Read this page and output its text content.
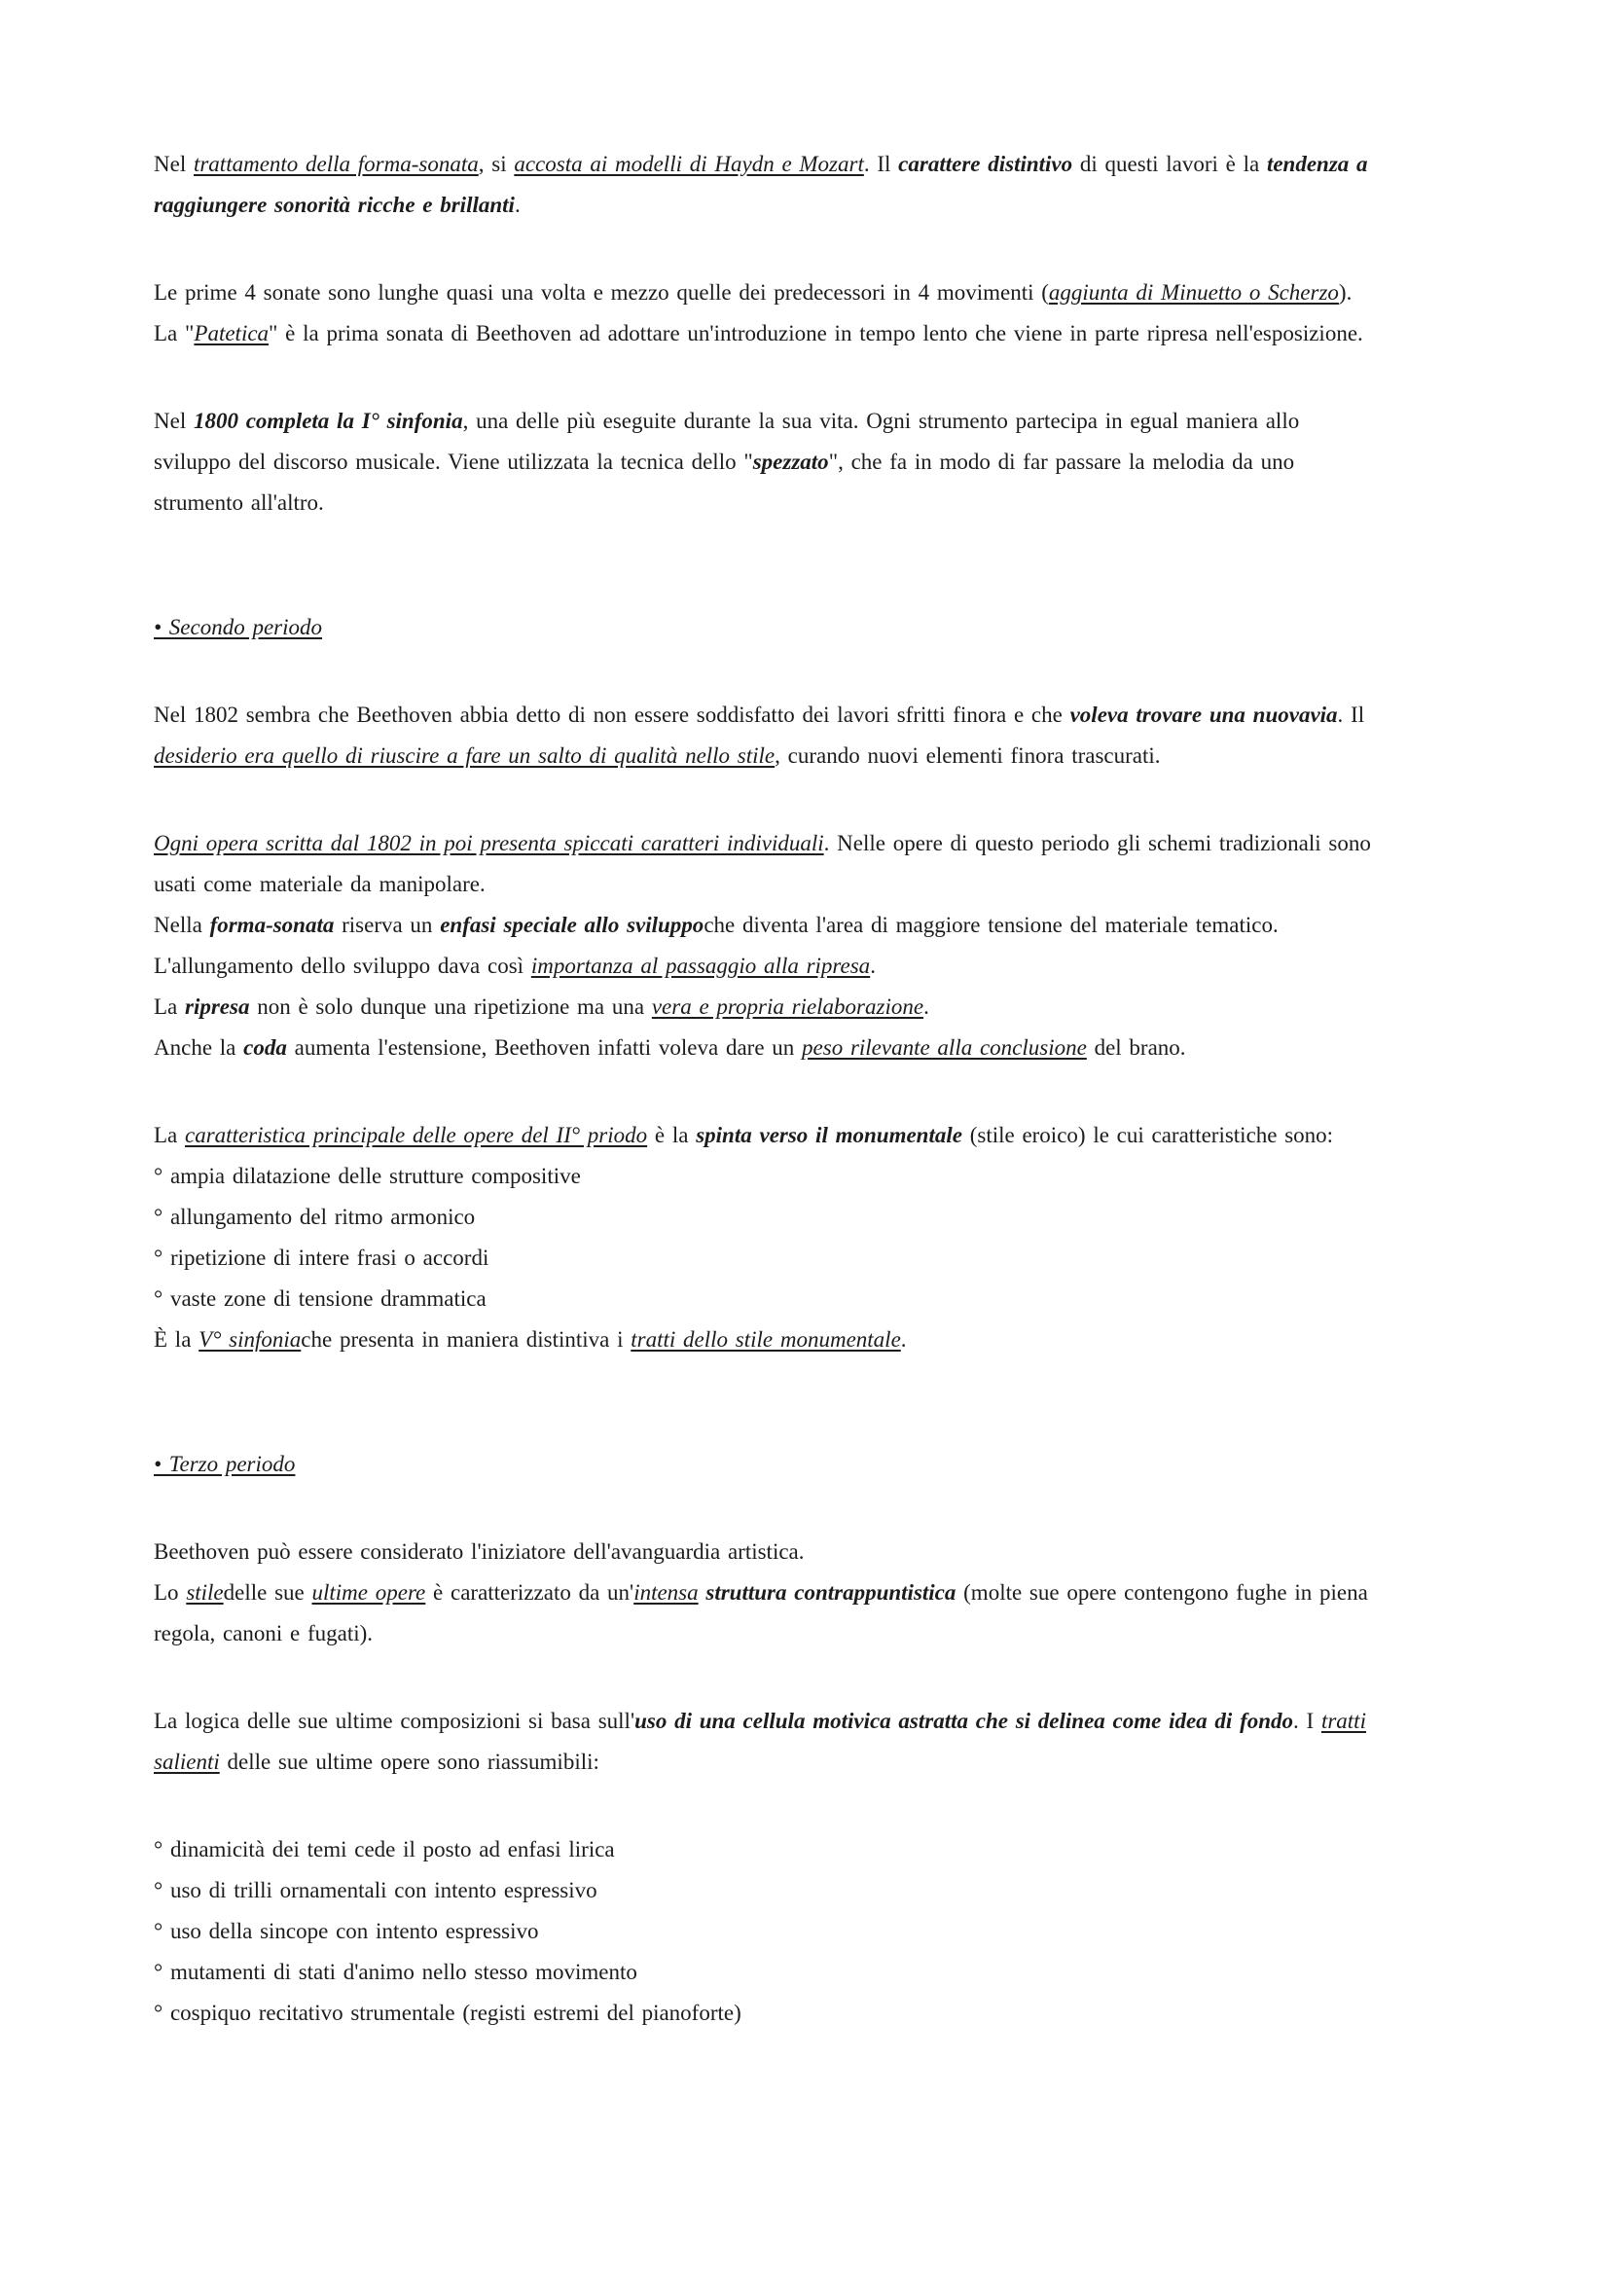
Nel trattamento della forma-sonata, si accosta ai modelli di Haydn e Mozart. Il carattere distintivo di questi lavori è la tendenza a raggiungere sonorità ricche e brillanti.

Le prime 4 sonate sono lunghe quasi una volta e mezzo quelle dei predecessori in 4 movimenti (aggiunta di Minuetto o Scherzo). La "Patetica" è la prima sonata di Beethoven ad adottare un'introduzione in tempo lento che viene in parte ripresa nell'esposizione.

Nel 1800 completa la I° sinfonia, una delle più eseguite durante la sua vita. Ogni strumento partecipa in egual maniera allo sviluppo del discorso musicale. Viene utilizzata la tecnica dello "spezzato", che fa in modo di far passare la melodia da uno strumento all'altro.

• Secondo periodo

Nel 1802 sembra che Beethoven abbia detto di non essere soddisfatto dei lavori sfritti finora e che voleva trovare una nuovavia. Il desiderio era quello di riuscire a fare un salto di qualità nello stile, curando nuovi elementi finora trascurati.

Ogni opera scritta dal 1802 in poi presenta spiccati caratteri individuali. Nelle opere di questo periodo gli schemi tradizionali sono usati come materiale da manipolare.
Nella forma-sonata riserva un enfasi speciale allo sviluppoche diventa l'area di maggiore tensione del materiale tematico. L'allungamento dello sviluppo dava così importanza al passaggio alla ripresa.
La ripresa non è solo dunque una ripetizione ma una vera e propria rielaborazione.
Anche la coda aumenta l'estensione, Beethoven infatti voleva dare un peso rilevante alla conclusione del brano.

La caratteristica principale delle opere del II° priodo è la spinta verso il monumentale (stile eroico) le cui caratteristiche sono:
° ampia dilatazione delle strutture compositive
° allungamento del ritmo armonico
° ripetizione di intere frasi o accordi
° vaste zone di tensione drammatica
È la V° sinfoniache presenta in maniera distintiva i tratti dello stile monumentale.

• Terzo periodo

Beethoven può essere considerato l'iniziatore dell'avanguardia artistica.
Lo stiledelle sue ultime opere è caratterizzato da un'intensa struttura contrappuntistica (molte sue opere contengono fughe in piena regola, canoni e fugati).

La logica delle sue ultime composizioni si basa sull'uso di una cellula motivica astratta che si delinea come idea di fondo. I tratti salienti delle sue ultime opere sono riassumibili:

° dinamicità dei temi cede il posto ad enfasi lirica
° uso di trilli ornamentali con intento espressivo
° uso della sincope con intento espressivo
° mutamenti di stati d'animo nello stesso movimento
° cospiquo recitativo strumentale (registi estremi del pianoforte)
